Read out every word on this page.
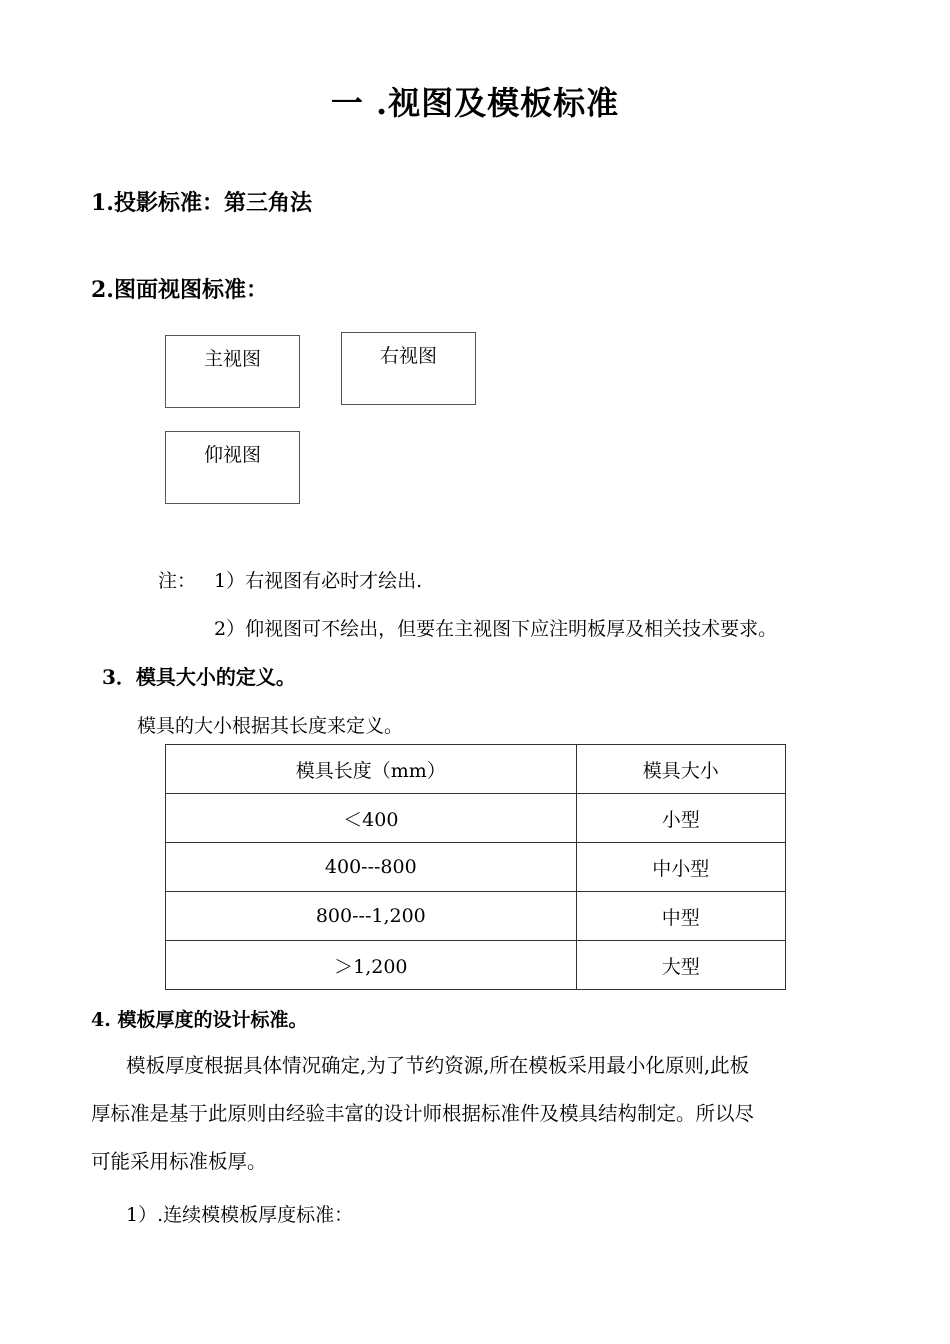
一 .视图及模板标准
1.投影标准：第三角法
2.图面视图标准：
主视图	右视图
仰视图
注： 1）右视图有必时才绘出.
2）仰视图可不绘出，但要在主视图下应注明板厚及相关技术要求。
3．模具大小的定义。
模具的大小根据其长度来定义。
模具长度（mm）	模具大小
＜400	小型
400---800	中小型
800---1,200	中型
＞1,200	大型
4. 模板厚度的设计标准。
模板厚度根据具体情况确定,为了节约资源,所在模板采用最小化原则,此板
厚标准是基于此原则由经验丰富的设计师根据标准件及模具结构制定。所以尽
可能采用标准板厚。
1）.连续模模板厚度标准：
